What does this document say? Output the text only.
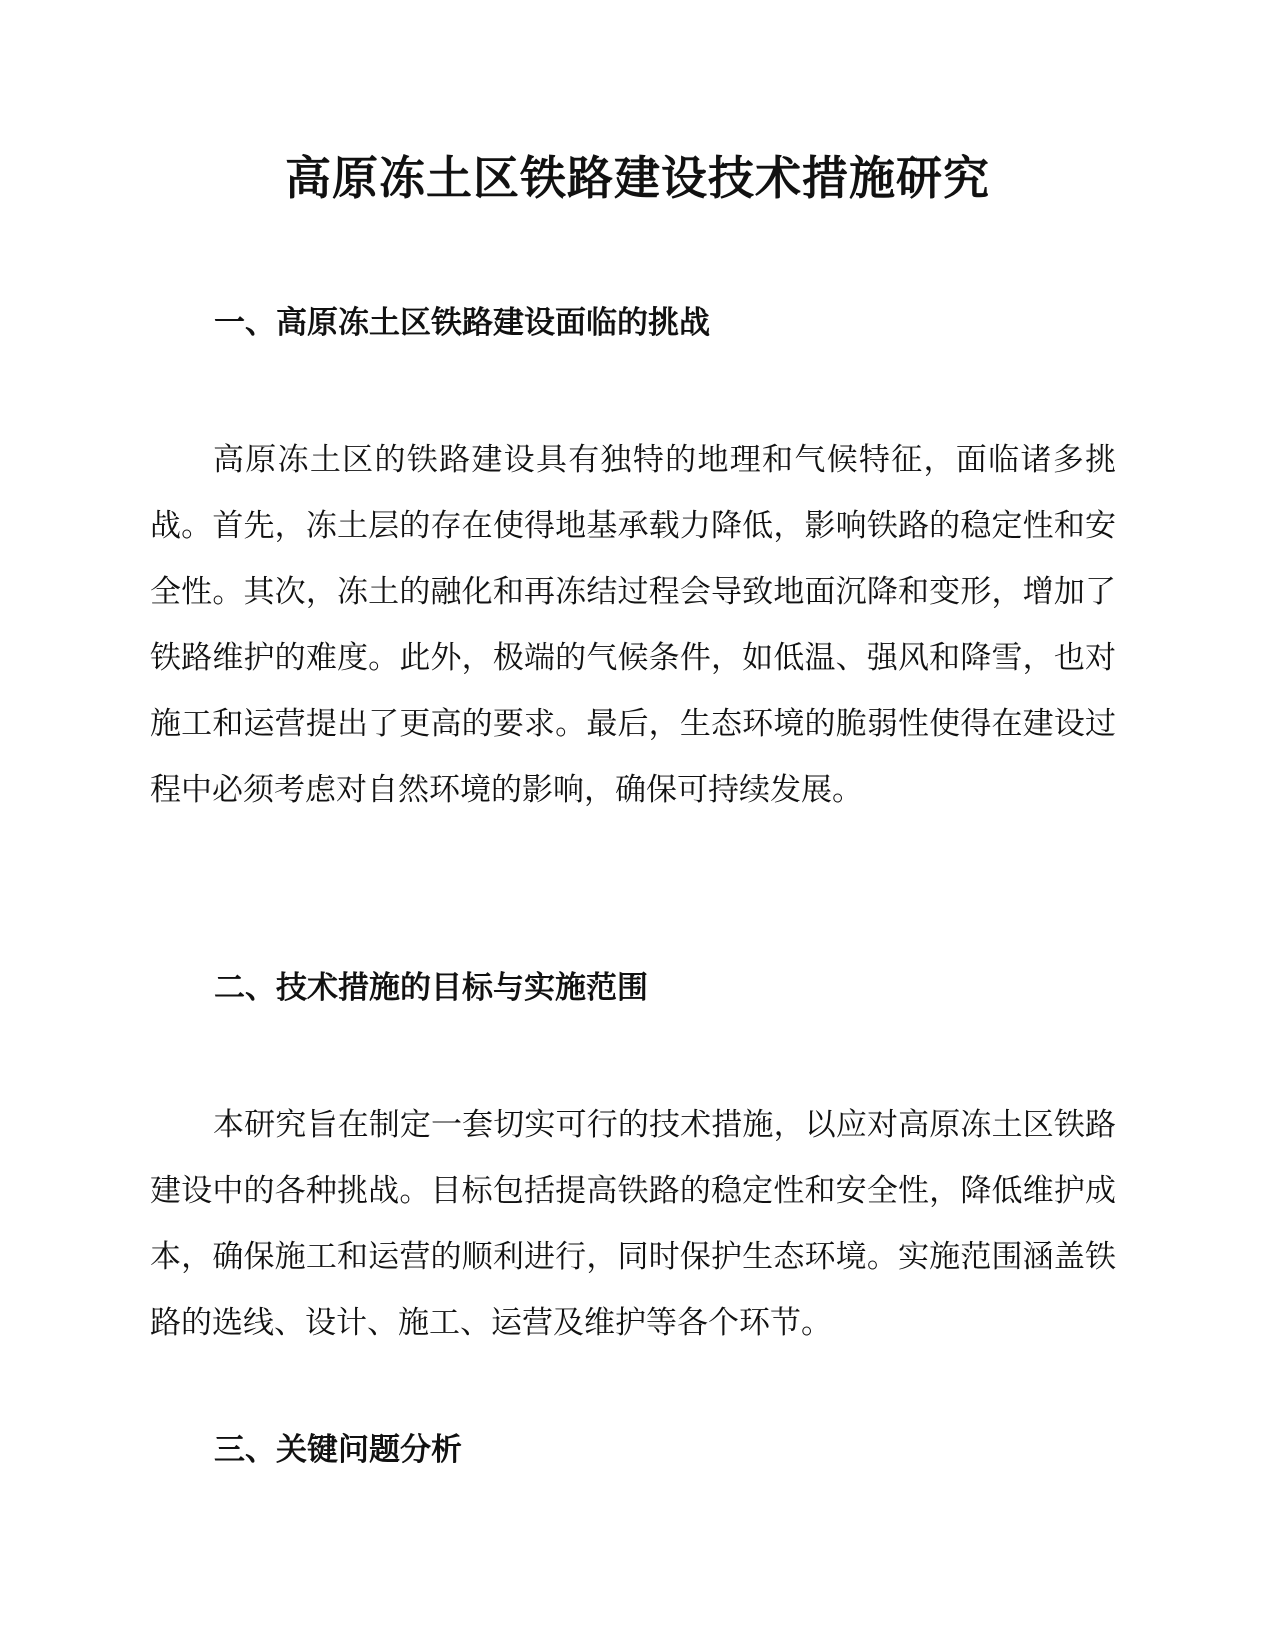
高原冻土区铁路建设技术措施研究
一、高原冻土区铁路建设面临的挑战

高原冻土区的铁路建设具有独特的地理和气候特征，面临诸多挑战。首先，冻土层的存在使得地基承载力降低，影响铁路的稳定性和安全性。其次，冻土的融化和再冻结过程会导致地面沉降和变形，增加了铁路维护的难度。此外，极端的气候条件，如低温、强风和降雪，也对施工和运营提出了更高的要求。最后，生态环境的脆弱性使得在建设过程中必须考虑对自然环境的影响，确保可持续发展。

二、技术措施的目标与实施范围

本研究旨在制定一套切实可行的技术措施，以应对高原冻土区铁路建设中的各种挑战。目标包括提高铁路的稳定性和安全性，降低维护成本，确保施工和运营的顺利进行，同时保护生态环境。实施范围涵盖铁路的选线、设计、施工、运营及维护等各个环节。

三、关键问题分析
